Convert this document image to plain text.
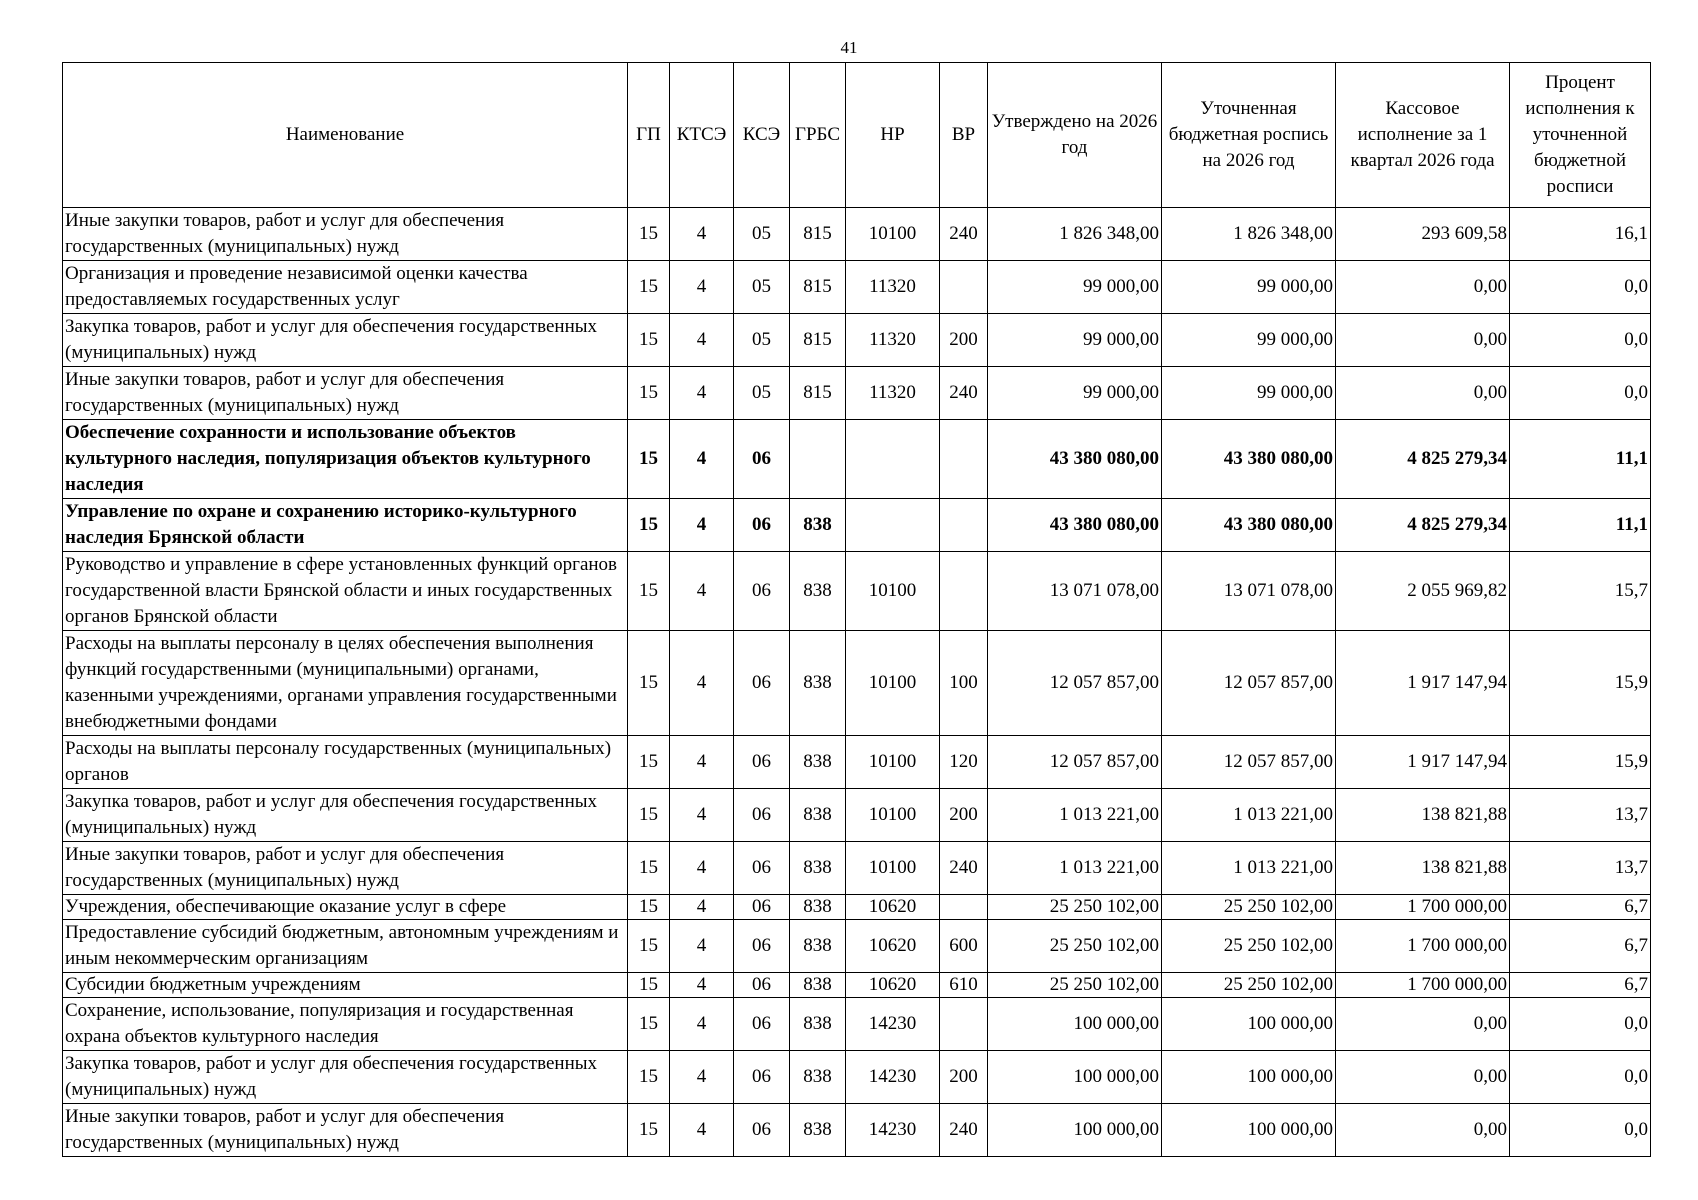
41
Наименование	ГП	КТСЭ	КСЭ	ГРБС	НР	ВР	Утверждено на 2026 год	Уточненная бюджетная роспись на 2026 год	Кассовое исполнение за 1 квартал 2026 года	Процент исполнения к уточненной бюджетной росписи
Иные закупки товаров, работ и услуг для обеспечения государственных (муниципальных) нужд	15	4	05	815	10100	240	1 826 348,00	1 826 348,00	293 609,58	16,1
Организация и проведение независимой оценки качества предоставляемых государственных услуг	15	4	05	815	11320		99 000,00	99 000,00	0,00	0,0
Закупка товаров, работ и услуг для обеспечения государственных (муниципальных) нужд	15	4	05	815	11320	200	99 000,00	99 000,00	0,00	0,0
Иные закупки товаров, работ и услуг для обеспечения государственных (муниципальных) нужд	15	4	05	815	11320	240	99 000,00	99 000,00	0,00	0,0
Обеспечение сохранности и использование объектов культурного наследия, популяризация объектов культурного наследия	15	4	06				43 380 080,00	43 380 080,00	4 825 279,34	11,1
Управление по охране и сохранению историко-культурного наследия Брянской области	15	4	06	838			43 380 080,00	43 380 080,00	4 825 279,34	11,1
Руководство и управление в сфере установленных функций органов государственной власти Брянской области и иных государственных органов Брянской области	15	4	06	838	10100		13 071 078,00	13 071 078,00	2 055 969,82	15,7
Расходы на выплаты персоналу в целях обеспечения выполнения функций государственными (муниципальными) органами, казенными учреждениями, органами управления государственными внебюджетными фондами	15	4	06	838	10100	100	12 057 857,00	12 057 857,00	1 917 147,94	15,9
Расходы на выплаты персоналу государственных (муниципальных) органов	15	4	06	838	10100	120	12 057 857,00	12 057 857,00	1 917 147,94	15,9
Закупка товаров, работ и услуг для обеспечения государственных (муниципальных) нужд	15	4	06	838	10100	200	1 013 221,00	1 013 221,00	138 821,88	13,7
Иные закупки товаров, работ и услуг для обеспечения государственных (муниципальных) нужд	15	4	06	838	10100	240	1 013 221,00	1 013 221,00	138 821,88	13,7
Учреждения, обеспечивающие оказание услуг в сфере	15	4	06	838	10620		25 250 102,00	25 250 102,00	1 700 000,00	6,7
Предоставление субсидий бюджетным, автономным учреждениям и иным некоммерческим организациям	15	4	06	838	10620	600	25 250 102,00	25 250 102,00	1 700 000,00	6,7
Субсидии бюджетным учреждениям	15	4	06	838	10620	610	25 250 102,00	25 250 102,00	1 700 000,00	6,7
Сохранение, использование, популяризация и государственная охрана объектов культурного наследия	15	4	06	838	14230		100 000,00	100 000,00	0,00	0,0
Закупка товаров, работ и услуг для обеспечения государственных (муниципальных) нужд	15	4	06	838	14230	200	100 000,00	100 000,00	0,00	0,0
Иные закупки товаров, работ и услуг для обеспечения государственных (муниципальных) нужд	15	4	06	838	14230	240	100 000,00	100 000,00	0,00	0,0
